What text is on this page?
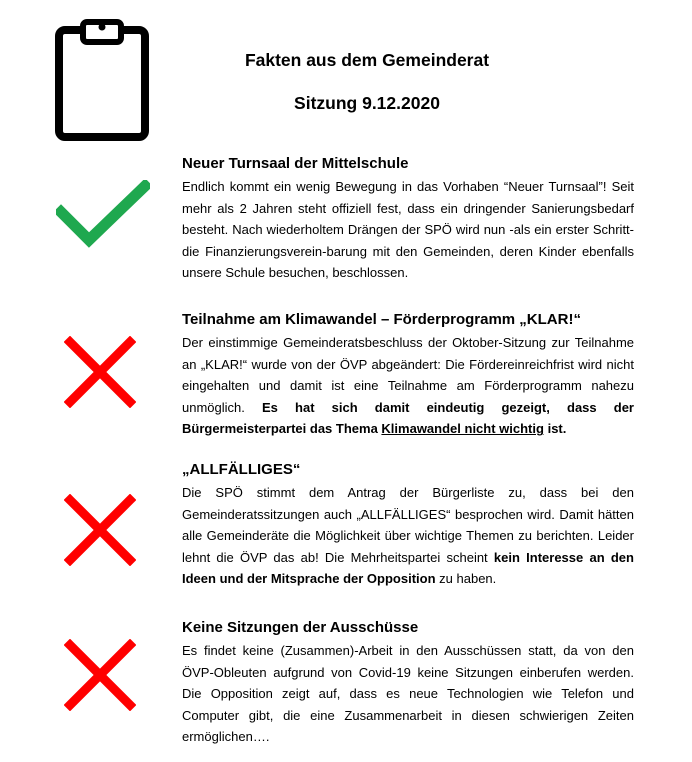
Fakten aus dem Gemeinderat
Sitzung 9.12.2020
Neuer Turnsaal der Mittelschule

Endlich kommt ein wenig Bewegung in das Vorhaben “Neuer Turnsaal”! Seit mehr als 2 Jahren steht offiziell fest, dass ein dringender Sanierungsbedarf besteht. Nach wiederholtem Drängen der SPÖ wird nun -als ein erster Schritt- die Finanzierungsverein-barung mit den Gemeinden, deren Kinder ebenfalls unsere Schule besuchen, beschlossen.

Teilnahme am Klimawandel – Förderprogramm „KLAR!“

Der einstimmige Gemeinderatsbeschluss der Oktober-Sitzung zur Teilnahme an „KLAR!“ wurde von der ÖVP abgeändert: Die Fördereinreichfrist wird nicht eingehalten und damit ist eine Teilnahme am Förderprogramm nahezu unmöglich. Es hat sich damit eindeutig gezeigt, dass der Bürgermeisterpartei das Thema Klimawandel nicht wichtig ist.

„ALLFÄLLIGES“

Die SPÖ stimmt dem Antrag der Bürgerliste zu, dass bei den Gemeinderatssitzungen auch „ALLFÄLLIGES“ besprochen wird. Damit hätten alle Gemeinderäte die Möglichkeit über wichtige Themen zu berichten. Leider lehnt die ÖVP das ab! Die Mehrheitspartei scheint kein Interesse an den Ideen und der Mitsprache der Opposition zu haben.

Keine Sitzungen der Ausschüsse

Es findet keine (Zusammen)-Arbeit in den Ausschüssen statt, da von den ÖVP-Obleuten aufgrund von Covid-19 keine Sitzungen einberufen werden. Die Opposition zeigt auf, dass es neue Technologien wie Telefon und Computer gibt, die eine Zusammenarbeit in diesen schwierigen Zeiten ermöglichen….
